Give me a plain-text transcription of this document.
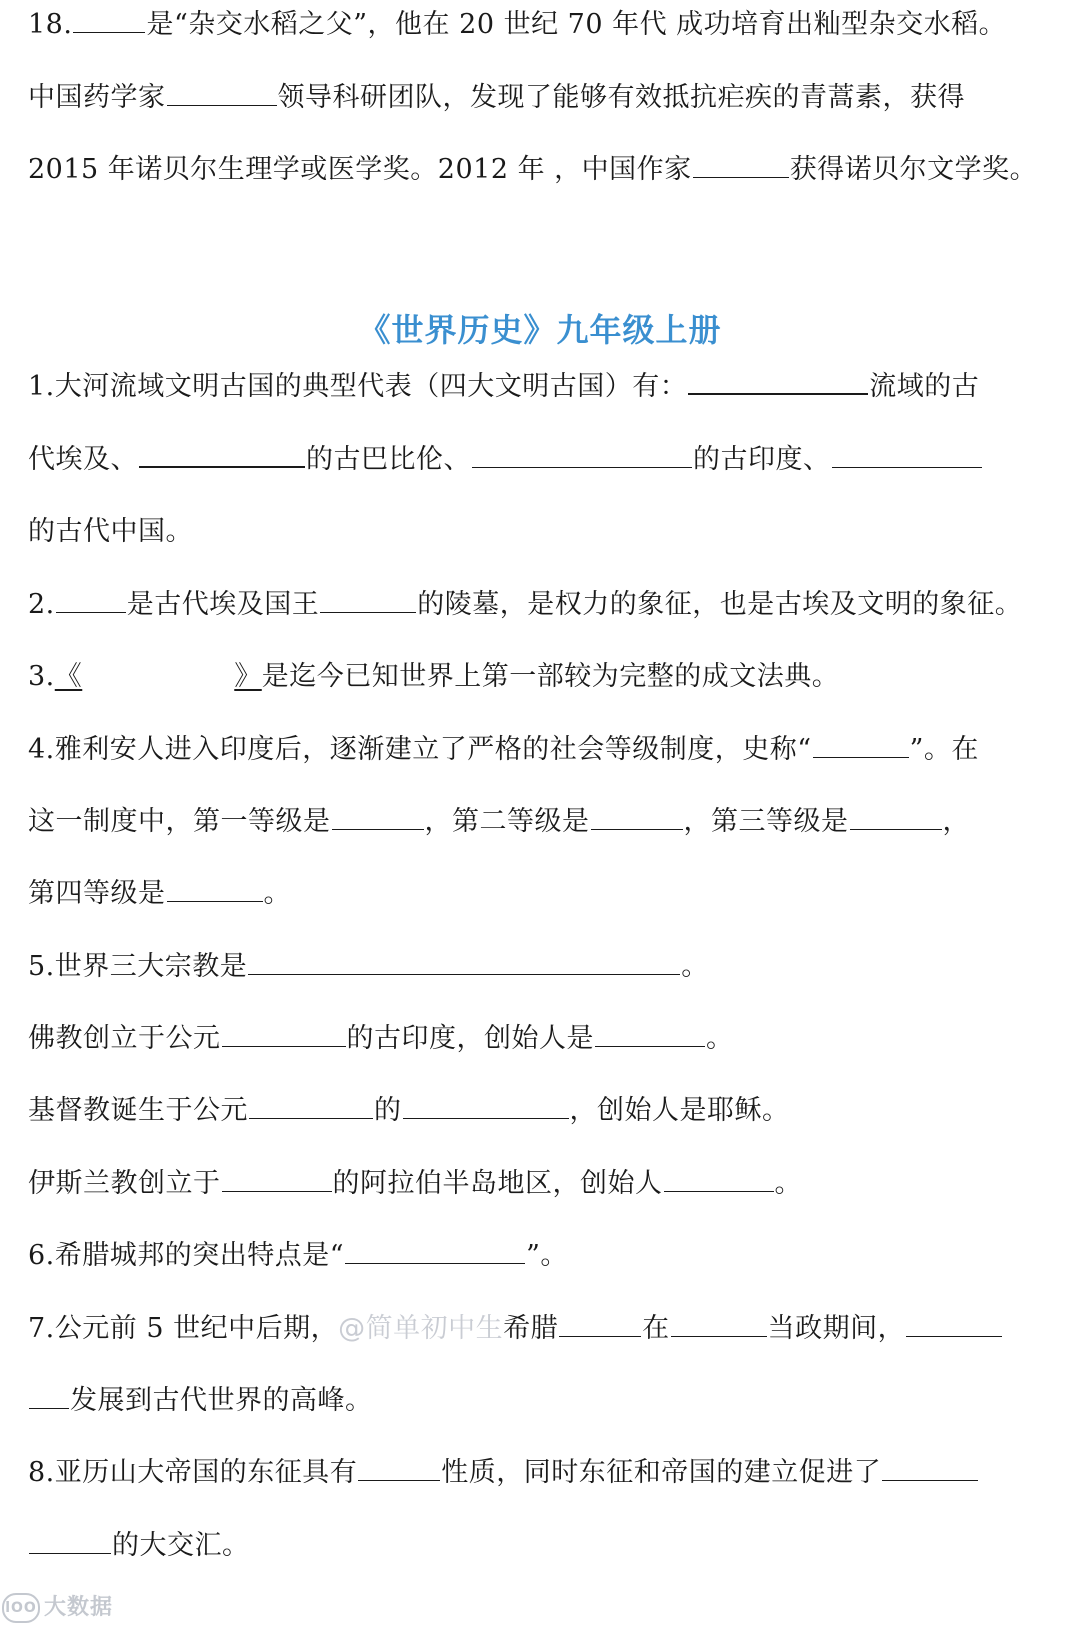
18.	是“杂交水稻之父”，他在 20 世纪 70 年代 成功培育出籼型杂交水稻。
中国药学家	领导科研团队，发现了能够有效抵抗疟疾的青蒿素，获得
2015 年诺贝尔生理学或医学奖。2012 年 ，中国作家	获得诺贝尔文学奖。
《世界历史》九年级上册
1.大河流域文明古国的典型代表（四大文明古国）有：	流域的古
代埃及、	的古巴比伦、	的古印度、
的古代中国。
2.	是古代埃及国王	的陵墓，是权力的象征，也是古埃及文明的象征。
3.《	》是迄今已知世界上第一部较为完整的成文法典。
4.雅利安人进入印度后，逐渐建立了严格的社会等级制度，史称“	”。在
这一制度中，第一等级是	，第二等级是	，第三等级是	，
第四等级是	。
5.世界三大宗教是	。
佛教创立于公元	的古印度，创始人是	。
基督教诞生于公元	的	，创始人是耶稣。
伊斯兰教创立于	的阿拉伯半岛地区，创始人	。
6.希腊城邦的突出特点是“	”。
7.公元前 5 世纪中后期，@简单初中生希腊	在	当政期间，
发展到古代世界的高峰。
8.亚历山大帝国的东征具有	性质，同时东征和帝国的建立促进了
的大交汇。
lOO 大数据
